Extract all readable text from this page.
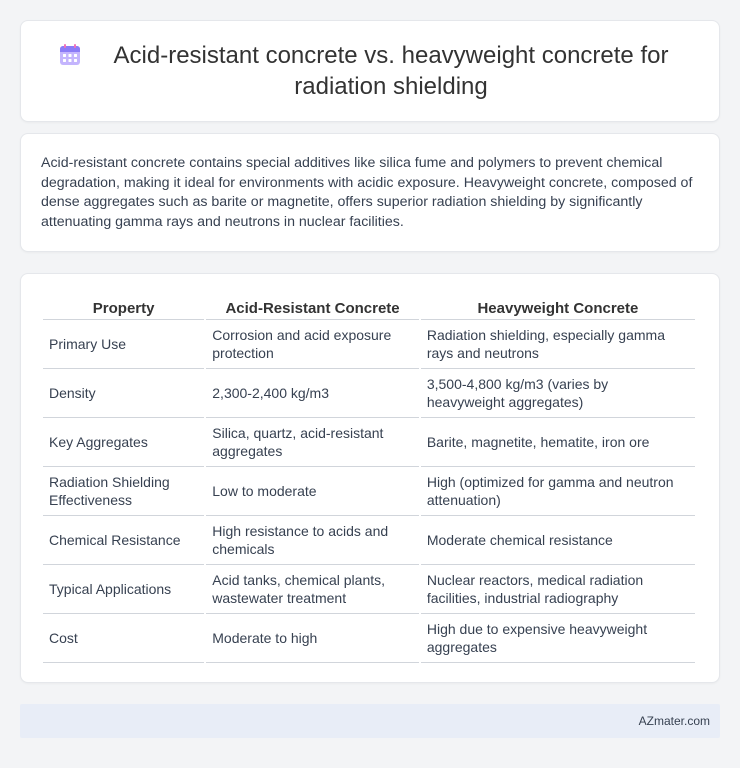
Acid-resistant concrete vs. heavyweight concrete for radiation shielding

Acid-resistant concrete contains special additives like silica fume and polymers to prevent chemical degradation, making it ideal for environments with acidic exposure. Heavyweight concrete, composed of dense aggregates such as barite or magnetite, offers superior radiation shielding by significantly attenuating gamma rays and neutrons in nuclear facilities.

Property	Acid-Resistant Concrete	Heavyweight Concrete
Primary Use	Corrosion and acid exposure protection	Radiation shielding, especially gamma rays and neutrons
Density	2,300-2,400 kg/m3	3,500-4,800 kg/m3 (varies by heavyweight aggregates)
Key Aggregates	Silica, quartz, acid-resistant aggregates	Barite, magnetite, hematite, iron ore
Radiation Shielding Effectiveness	Low to moderate	High (optimized for gamma and neutron attenuation)
Chemical Resistance	High resistance to acids and chemicals	Moderate chemical resistance
Typical Applications	Acid tanks, chemical plants, wastewater treatment	Nuclear reactors, medical radiation facilities, industrial radiography
Cost	Moderate to high	High due to expensive heavyweight aggregates
AZmater.com
